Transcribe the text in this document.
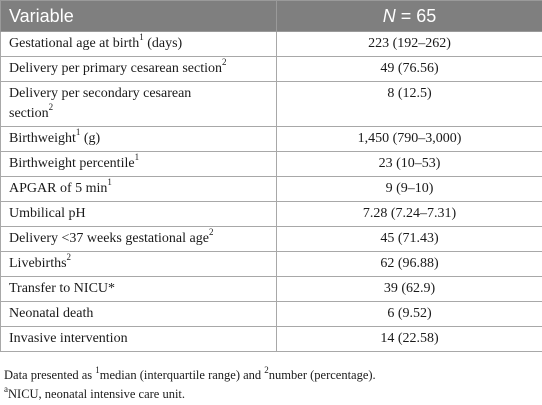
Variable	N = 65
Gestational age at birth$^1$ (days)	223 (192–262)
Delivery per primary cesarean section$^2$	49 (76.56)
Delivery per secondary cesarean
section$^2$	8 (12.5)
Birthweight$^1$ (g)	1,450 (790–3,000)
Birthweight percentile$^1$	23 (10–53)
APGAR of 5 $\min^1$	9 (9–10)
Umbilical pH	7.28 (7.24–7.31)
Delivery <37 weeks gestational age$^2$	45 (71.43)
Livebirths$^2$	62 (96.88)
Transfer to NICU*	39 (62.9)
Neonatal death	6 (9.52)
Invasive intervention	14 (22.58)
Data presented as $^1$median (interquartile range) and $^2$number (percentage).
$^a$NICU, neonatal intensive care unit.
